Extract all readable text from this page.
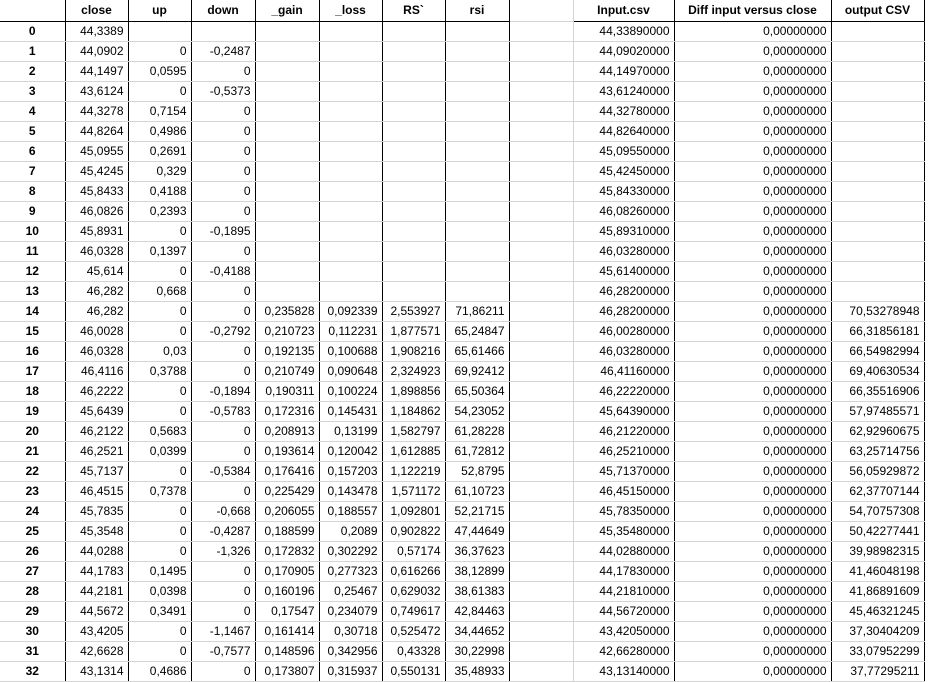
	close	up	down	_gain	_loss	RS`	rsi		Input.csv	Diff input versus close	output CSV
0	44,3389								44,33890000	0,00000000	
1	44,0902	0	-0,2487						44,09020000	0,00000000	
2	44,1497	0,0595	0						44,14970000	0,00000000	
3	43,6124	0	-0,5373						43,61240000	0,00000000	
4	44,3278	0,7154	0						44,32780000	0,00000000	
5	44,8264	0,4986	0						44,82640000	0,00000000	
6	45,0955	0,2691	0						45,09550000	0,00000000	
7	45,4245	0,329	0						45,42450000	0,00000000	
8	45,8433	0,4188	0						45,84330000	0,00000000	
9	46,0826	0,2393	0						46,08260000	0,00000000	
10	45,8931	0	-0,1895						45,89310000	0,00000000	
11	46,0328	0,1397	0						46,03280000	0,00000000	
12	45,614	0	-0,4188						45,61400000	0,00000000	
13	46,282	0,668	0						46,28200000	0,00000000	
14	46,282	0	0	0,235828	0,092339	2,553927	71,86211		46,28200000	0,00000000	70,53278948
15	46,0028	0	-0,2792	0,210723	0,112231	1,877571	65,24847		46,00280000	0,00000000	66,31856181
16	46,0328	0,03	0	0,192135	0,100688	1,908216	65,61466		46,03280000	0,00000000	66,54982994
17	46,4116	0,3788	0	0,210749	0,090648	2,324923	69,92412		46,41160000	0,00000000	69,40630534
18	46,2222	0	-0,1894	0,190311	0,100224	1,898856	65,50364		46,22220000	0,00000000	66,35516906
19	45,6439	0	-0,5783	0,172316	0,145431	1,184862	54,23052		45,64390000	0,00000000	57,97485571
20	46,2122	0,5683	0	0,208913	0,13199	1,582797	61,28228		46,21220000	0,00000000	62,92960675
21	46,2521	0,0399	0	0,193614	0,120042	1,612885	61,72812		46,25210000	0,00000000	63,25714756
22	45,7137	0	-0,5384	0,176416	0,157203	1,122219	52,8795		45,71370000	0,00000000	56,05929872
23	46,4515	0,7378	0	0,225429	0,143478	1,571172	61,10723		46,45150000	0,00000000	62,37707144
24	45,7835	0	-0,668	0,206055	0,188557	1,092801	52,21715		45,78350000	0,00000000	54,70757308
25	45,3548	0	-0,4287	0,188599	0,2089	0,902822	47,44649		45,35480000	0,00000000	50,42277441
26	44,0288	0	-1,326	0,172832	0,302292	0,57174	36,37623		44,02880000	0,00000000	39,98982315
27	44,1783	0,1495	0	0,170905	0,277323	0,616266	38,12899		44,17830000	0,00000000	41,46048198
28	44,2181	0,0398	0	0,160196	0,25467	0,629032	38,61383		44,21810000	0,00000000	41,86891609
29	44,5672	0,3491	0	0,17547	0,234079	0,749617	42,84463		44,56720000	0,00000000	45,46321245
30	43,4205	0	-1,1467	0,161414	0,30718	0,525472	34,44652		43,42050000	0,00000000	37,30404209
31	42,6628	0	-0,7577	0,148596	0,342956	0,43328	30,22998		42,66280000	0,00000000	33,07952299
32	43,1314	0,4686	0	0,173807	0,315937	0,550131	35,48933		43,13140000	0,00000000	37,77295211
